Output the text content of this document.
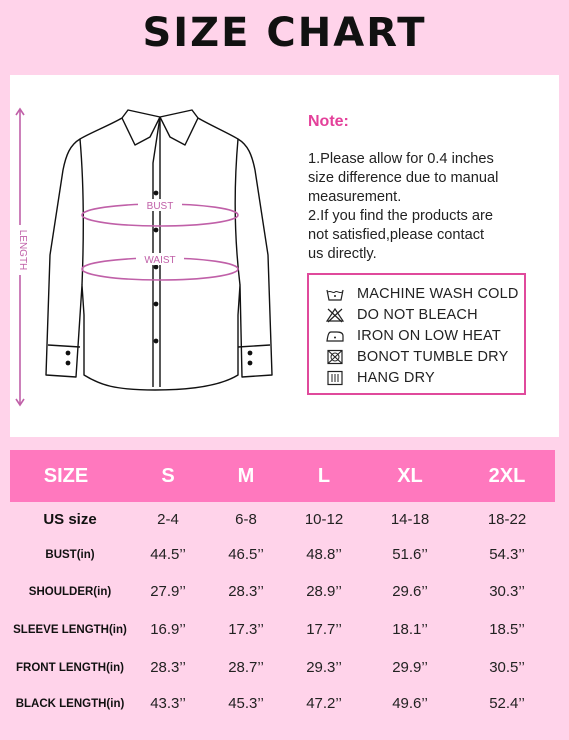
SIZE CHART
BUST
WAIST
LENGTH
Note:
1.Please allow for 0.4 inches
size difference due to manual
measurement.
2.If you find the products are
not satisfied,please contact
us directly.
MACHINE WASH COLD
DO NOT BLEACH
IRON ON LOW HEAT
BONOT TUMBLE DRY
HANG DRY
SIZE	S	M	L	XL	2XL
US size	2-4	6-8	10-12	14-18	18-22
BUST(in)	44.5’’	46.5’’	48.8’’	51.6’’	54.3’’
SHOULDER(in)	27.9’’	28.3’’	28.9’’	29.6’’	30.3’’
SLEEVE LENGTH(in)	16.9’’	17.3’’	17.7’’	18.1’’	18.5’’
FRONT LENGTH(in)	28.3’’	28.7’’	29.3’’	29.9’’	30.5’’
BLACK LENGTH(in)	43.3’’	45.3’’	47.2’’	49.6’’	52.4’’
